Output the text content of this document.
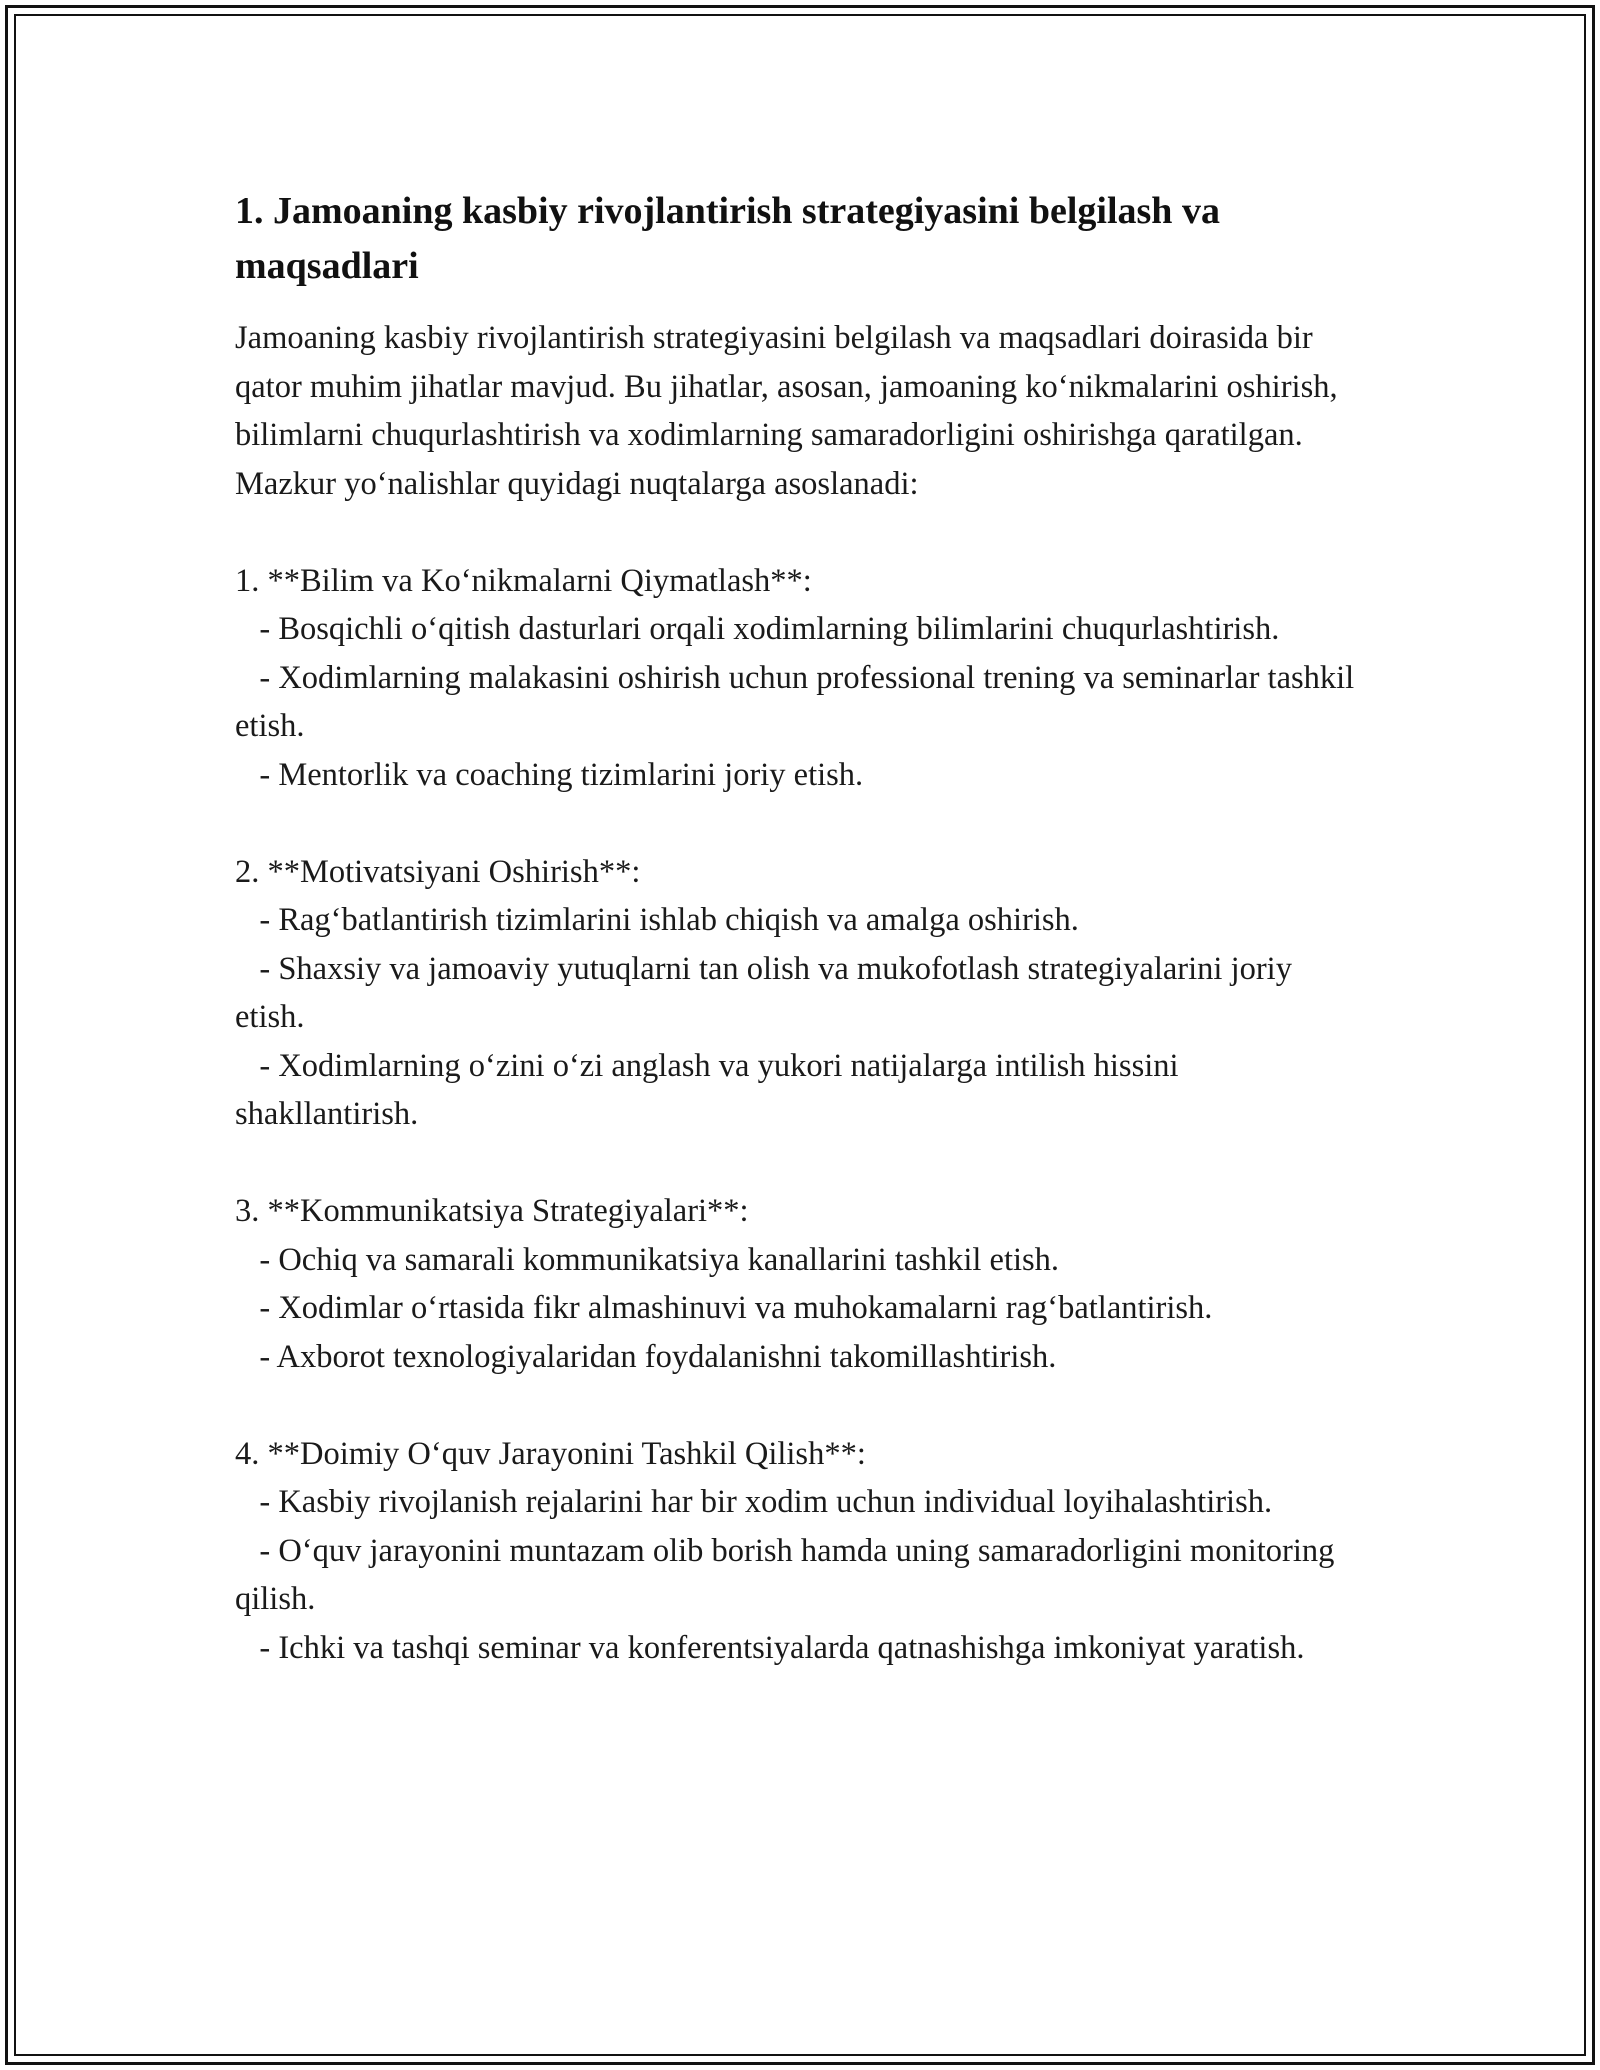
1. Jamoaning kasbiy rivojlantirish strategiyasini belgilash va maqsadlari

Jamoaning kasbiy rivojlantirish strategiyasini belgilash va maqsadlari doirasida bir qator muhim jihatlar mavjud. Bu jihatlar, asosan, jamoaning koʻnikmalarini oshirish, bilimlarni chuqurlashtirish va xodimlarning samaradorligini oshirishga qaratilgan. Mazkur yoʻnalishlar quyidagi nuqtalarga asoslanadi:

1. **Bilim va Koʻnikmalarni Qiymatlash**:

- Bosqichli oʻqitish dasturlari orqali xodimlarning bilimlarini chuqurlashtirish.

- Xodimlarning malakasini oshirish uchun professional trening va seminarlar tashkil etish.

- Mentorlik va coaching tizimlarini joriy etish.

2. **Motivatsiyani Oshirish**:

- Ragʻbatlantirish tizimlarini ishlab chiqish va amalga oshirish.

- Shaxsiy va jamoaviy yutuqlarni tan olish va mukofotlash strategiyalarini joriy etish.

- Xodimlarning oʻzini oʻzi anglash va yukori natijalarga intilish hissini shakllantirish.

3. **Kommunikatsiya Strategiyalari**:

- Ochiq va samarali kommunikatsiya kanallarini tashkil etish.

- Xodimlar oʻrtasida fikr almashinuvi va muhokamalarni ragʻbatlantirish.

- Axborot texnologiyalaridan foydalanishni takomillashtirish.

4. **Doimiy Oʻquv Jarayonini Tashkil Qilish**:

- Kasbiy rivojlanish rejalarini har bir xodim uchun individual loyihalashtirish.

- Oʻquv jarayonini muntazam olib borish hamda uning samaradorligini monitoring qilish.

- Ichki va tashqi seminar va konferentsiyalarda qatnashishga imkoniyat yaratish.
